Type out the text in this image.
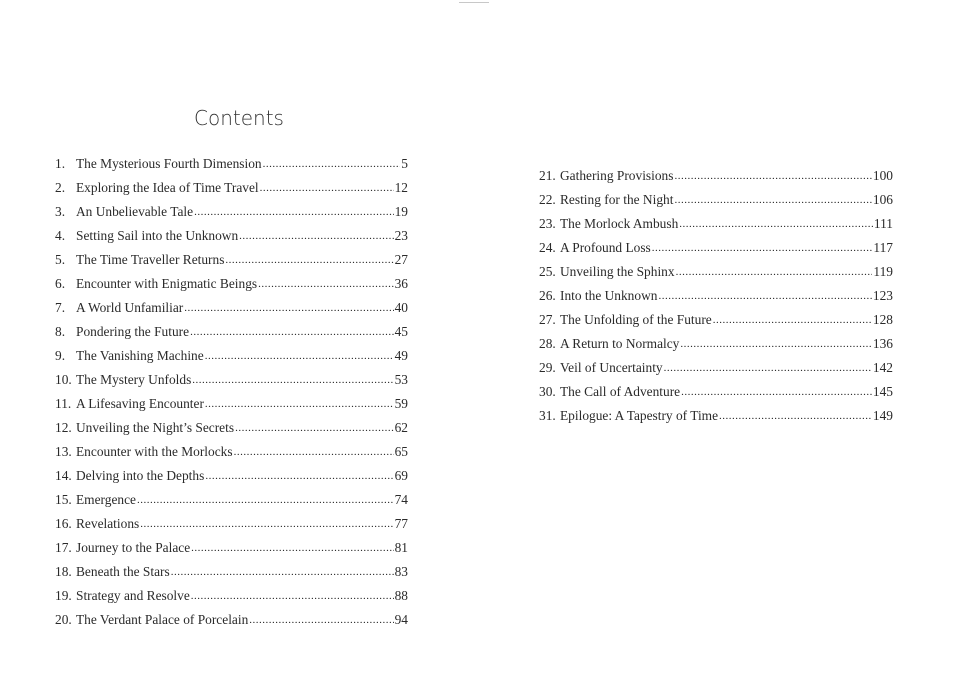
Contents
1. The Mysterious Fourth Dimension .....	5
2. Exploring the Idea of Time Travel .....	12
3. An Unbelievable Tale .....	19
4. Setting Sail into the Unknown .....	23
5. The Time Traveller Returns .....	27
6. Encounter with Enigmatic Beings .....	36
7. A World Unfamiliar .....	40
8. Pondering the Future .....	45
9. The Vanishing Machine .....	49
10. The Mystery Unfolds .....	53
11. A Lifesaving Encounter .....	59
12. Unveiling the Night’s Secrets .....	62
13. Encounter with the Morlocks .....	65
14. Delving into the Depths .....	69
15. Emergence .....	74
16. Revelations .....	77
17. Journey to the Palace .....	81
18. Beneath the Stars .....	83
19. Strategy and Resolve .....	88
20. The Verdant Palace of Porcelain .....	94
21. Gathering Provisions .....	100
22. Resting for the Night .....	106
23. The Morlock Ambush .....	111
24. A Profound Loss .....	117
25. Unveiling the Sphinx .....	119
26. Into the Unknown .....	123
27. The Unfolding of the Future .....	128
28. A Return to Normalcy .....	136
29. Veil of Uncertainty .....	142
30. The Call of Adventure .....	145
31. Epilogue: A Tapestry of Time .....	149
